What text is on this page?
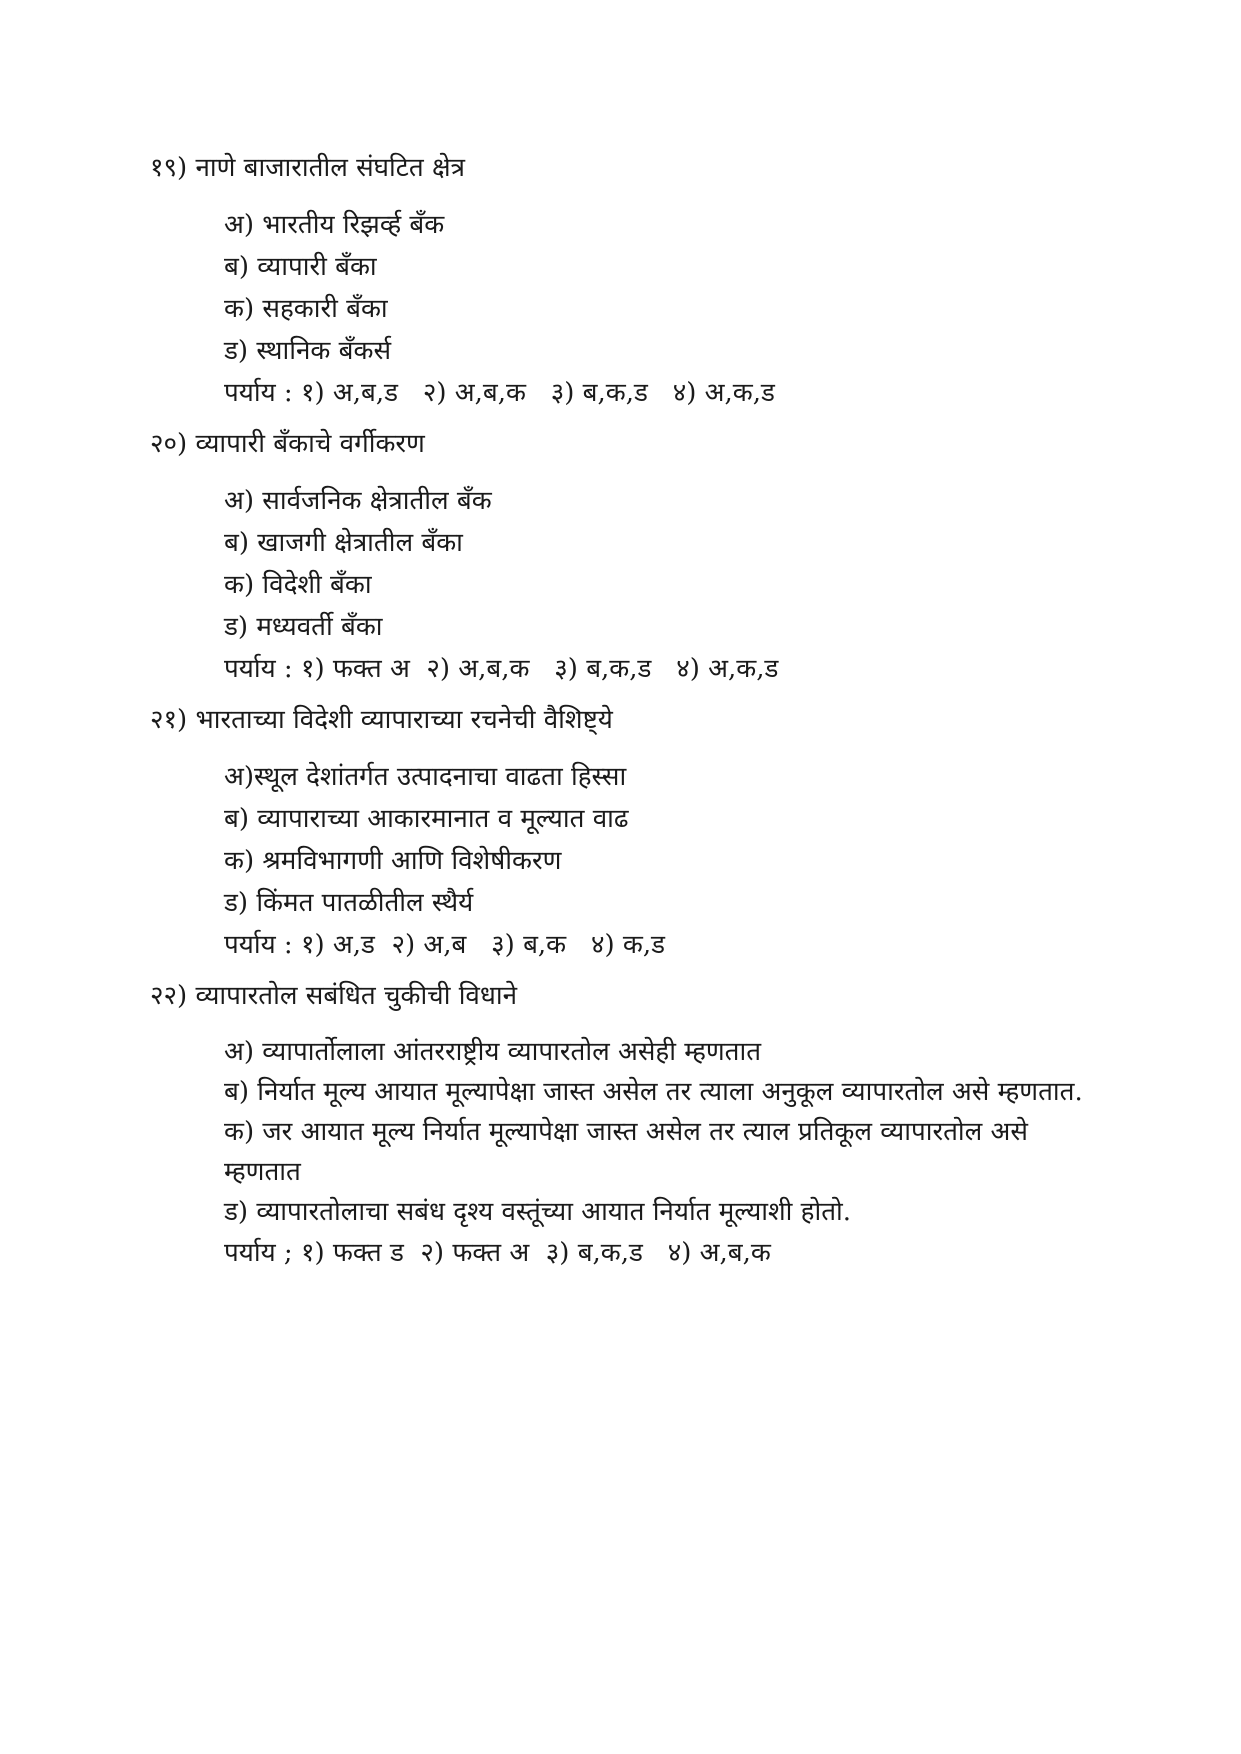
१९) नाणे बाजारातील संघटित क्षेत्र
अ) भारतीय रिझर्व्ह बँक
ब) व्यापारी बँका
क) सहकारी बँका
ड) स्थानिक बँकर्स
पर्याय : १) अ,ब,ड   २) अ,ब,क   ३) ब,क,ड   ४) अ,क,ड
२०) व्यापारी बँकाचे वर्गीकरण
अ) सार्वजनिक क्षेत्रातील बँक
ब) खाजगी क्षेत्रातील बँका
क) विदेशी बँका
ड) मध्यवर्ती बँका
पर्याय : १) फक्त अ  २) अ,ब,क   ३) ब,क,ड   ४) अ,क,ड
२१) भारताच्या विदेशी व्यापाराच्या रचनेची वैशिष्ट्ये
अ)स्थूल देशांतर्गत उत्पादनाचा वाढता हिस्सा
ब) व्यापाराच्या आकारमानात व मूल्यात वाढ
क) श्रमविभागणी आणि विशेषीकरण
ड) किंमत पातळीतील स्थैर्य
पर्याय : १) अ,ड  २) अ,ब   ३) ब,क   ४) क,ड
२२) व्यापारतोल सबंधित चुकीची विधाने
अ) व्यापार्तोलाला आंतरराष्ट्रीय व्यापारतोल असेही म्हणतात
ब) निर्यात मूल्य आयात मूल्यापेक्षा जास्त असेल तर त्याला अनुकूल व्यापारतोल असे म्हणतात.
क) जर आयात मूल्य निर्यात मूल्यापेक्षा जास्त असेल तर त्याल प्रतिकूल व्यापारतोल असे म्हणतात
ड) व्यापारतोलाचा सबंध दृश्य वस्तूंच्या आयात निर्यात मूल्याशी होतो.
पर्याय ; १) फक्त ड  २) फक्त अ  ३) ब,क,ड   ४) अ,ब,क
